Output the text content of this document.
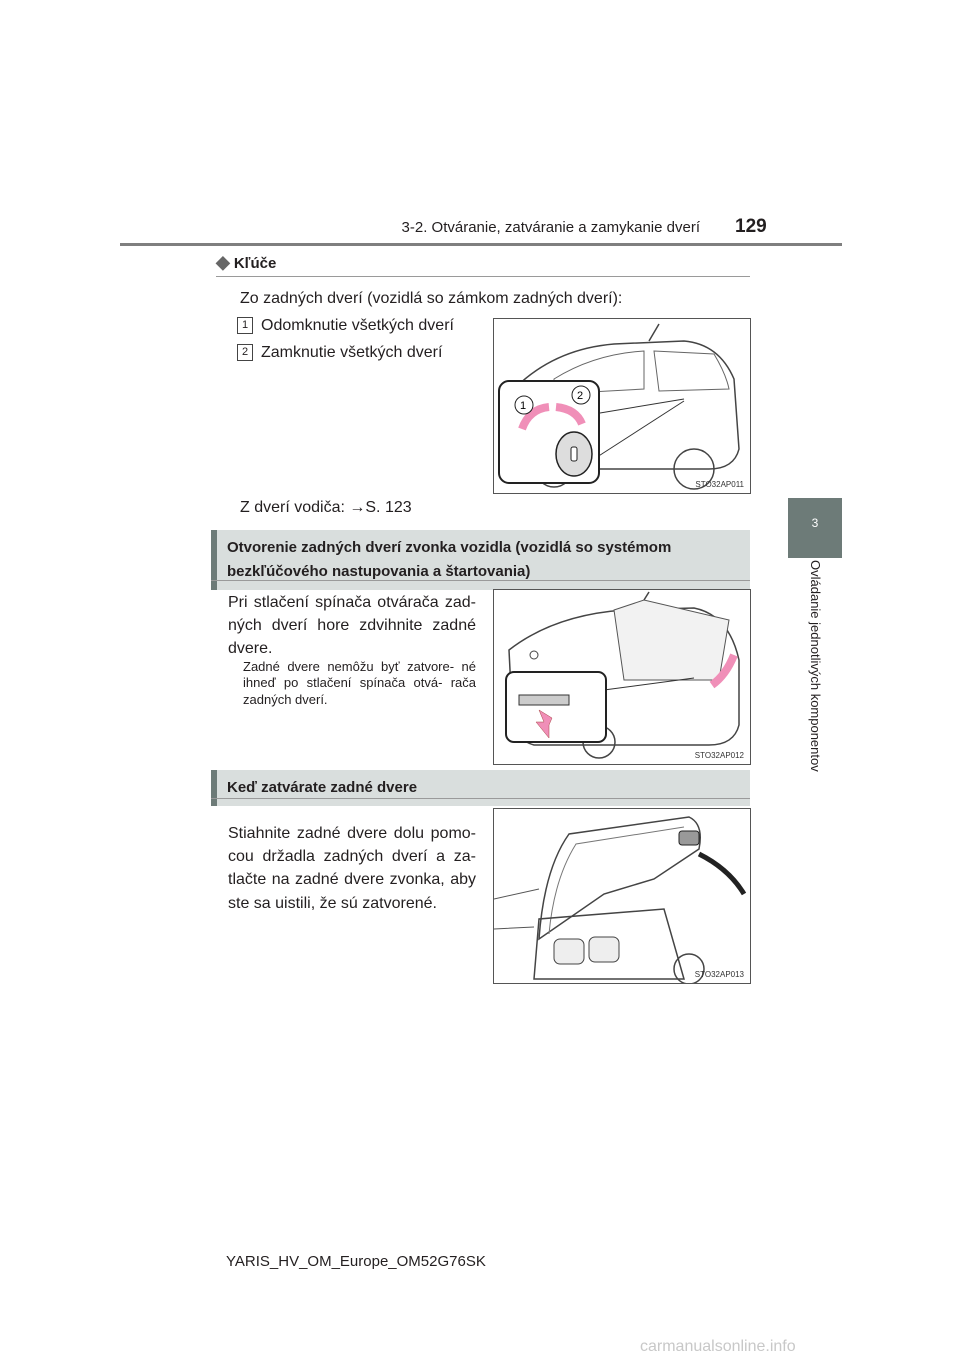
3-2. Otváranie, zatváranie a zamykanie dverí 129
3
Ovládanie jednotlivých komponentov
◆ Kľúče
Zo zadných dverí (vozidlá so zámkom zadných dverí):
1 Odomknutie všetkých dverí
2 Zamknutie všetkých dverí
1
2
STO32AP011
Z dverí vodiča: →S. 123
Otvorenie zadných dverí zvonka vozidla (vozidlá so systémom bezkľúčového nastupovania a štartovania)
Pri stlačení spínača otvárača zad- ných dverí hore zdvihnite zadné dvere.
Zadné dvere nemôžu byť zatvore- né ihneď po stlačení spínača otvá- rača zadných dverí.
STO32AP012
Keď zatvárate zadné dvere
Stiahnite zadné dvere dolu pomo- cou držadla zadných dverí a za- tlačte na zadné dvere zvonka, aby ste sa uistili, že sú zatvorené.
STO32AP013
YARIS_HV_OM_Europe_OM52G76SK
carmanualsonline.info
